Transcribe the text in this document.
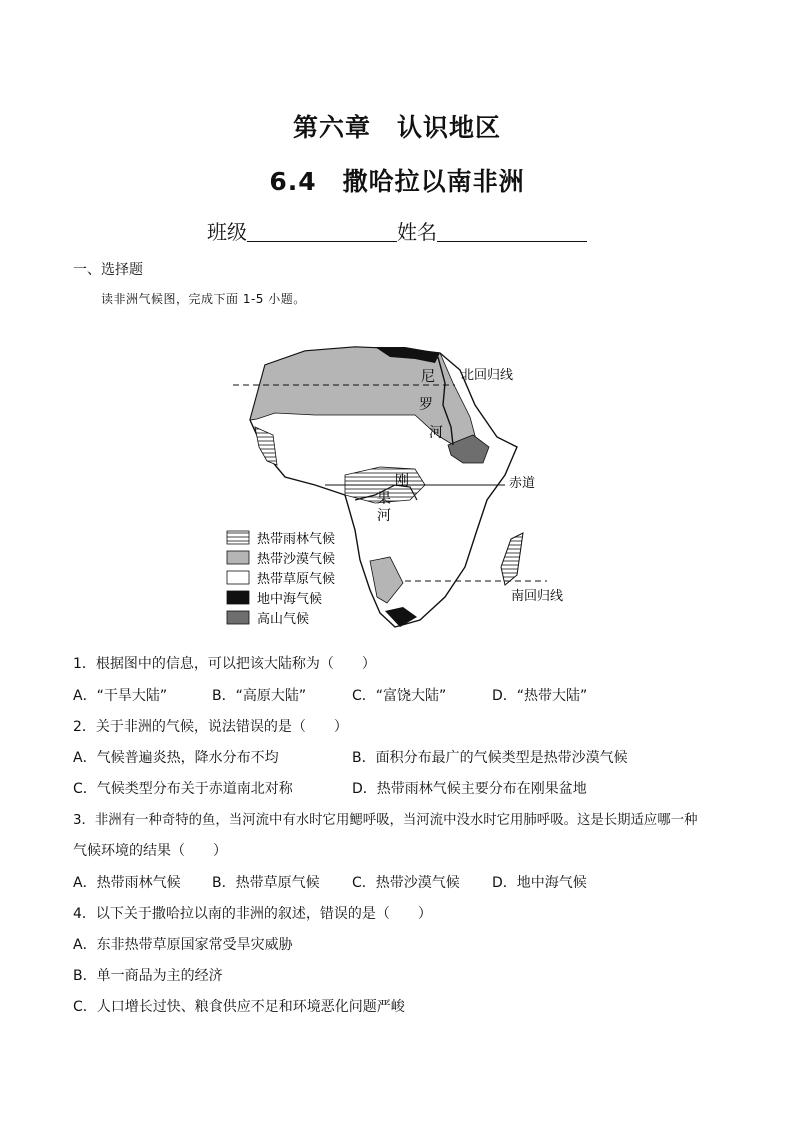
第六章　认识地区
6.4　撒哈拉以南非洲
班级	姓名
一、选择题
读非洲气候图，完成下面 1-5 小题。
尼
罗
河
北回归线
刚
果
河
赤道
南回归线
热带雨林气候
热带沙漠气候
热带草原气候
地中海气候
高山气候
1．根据图中的信息，可以把该大陆称为（　　）
A．“干旱大陆”	B．“高原大陆”	C．“富饶大陆”	D．“热带大陆”
2．关于非洲的气候，说法错误的是（　　）
A．气候普遍炎热，降水分布不均	B．面积分布最广的气候类型是热带沙漠气候
C．气候类型分布关于赤道南北对称	D．热带雨林气候主要分布在刚果盆地
3．非洲有一种奇特的鱼，当河流中有水时它用鳃呼吸，当河流中没水时它用肺呼吸。这是长期适应哪一种
气候环境的结果（　　）
A．热带雨林气候 B．热带草原气候 C．热带沙漠气候 D．地中海气候
4．以下关于撒哈拉以南的非洲的叙述，错误的是（　　）
A．东非热带草原国家常受旱灾威胁
B．单一商品为主的经济
C．人口增长过快、粮食供应不足和环境恶化问题严峻
